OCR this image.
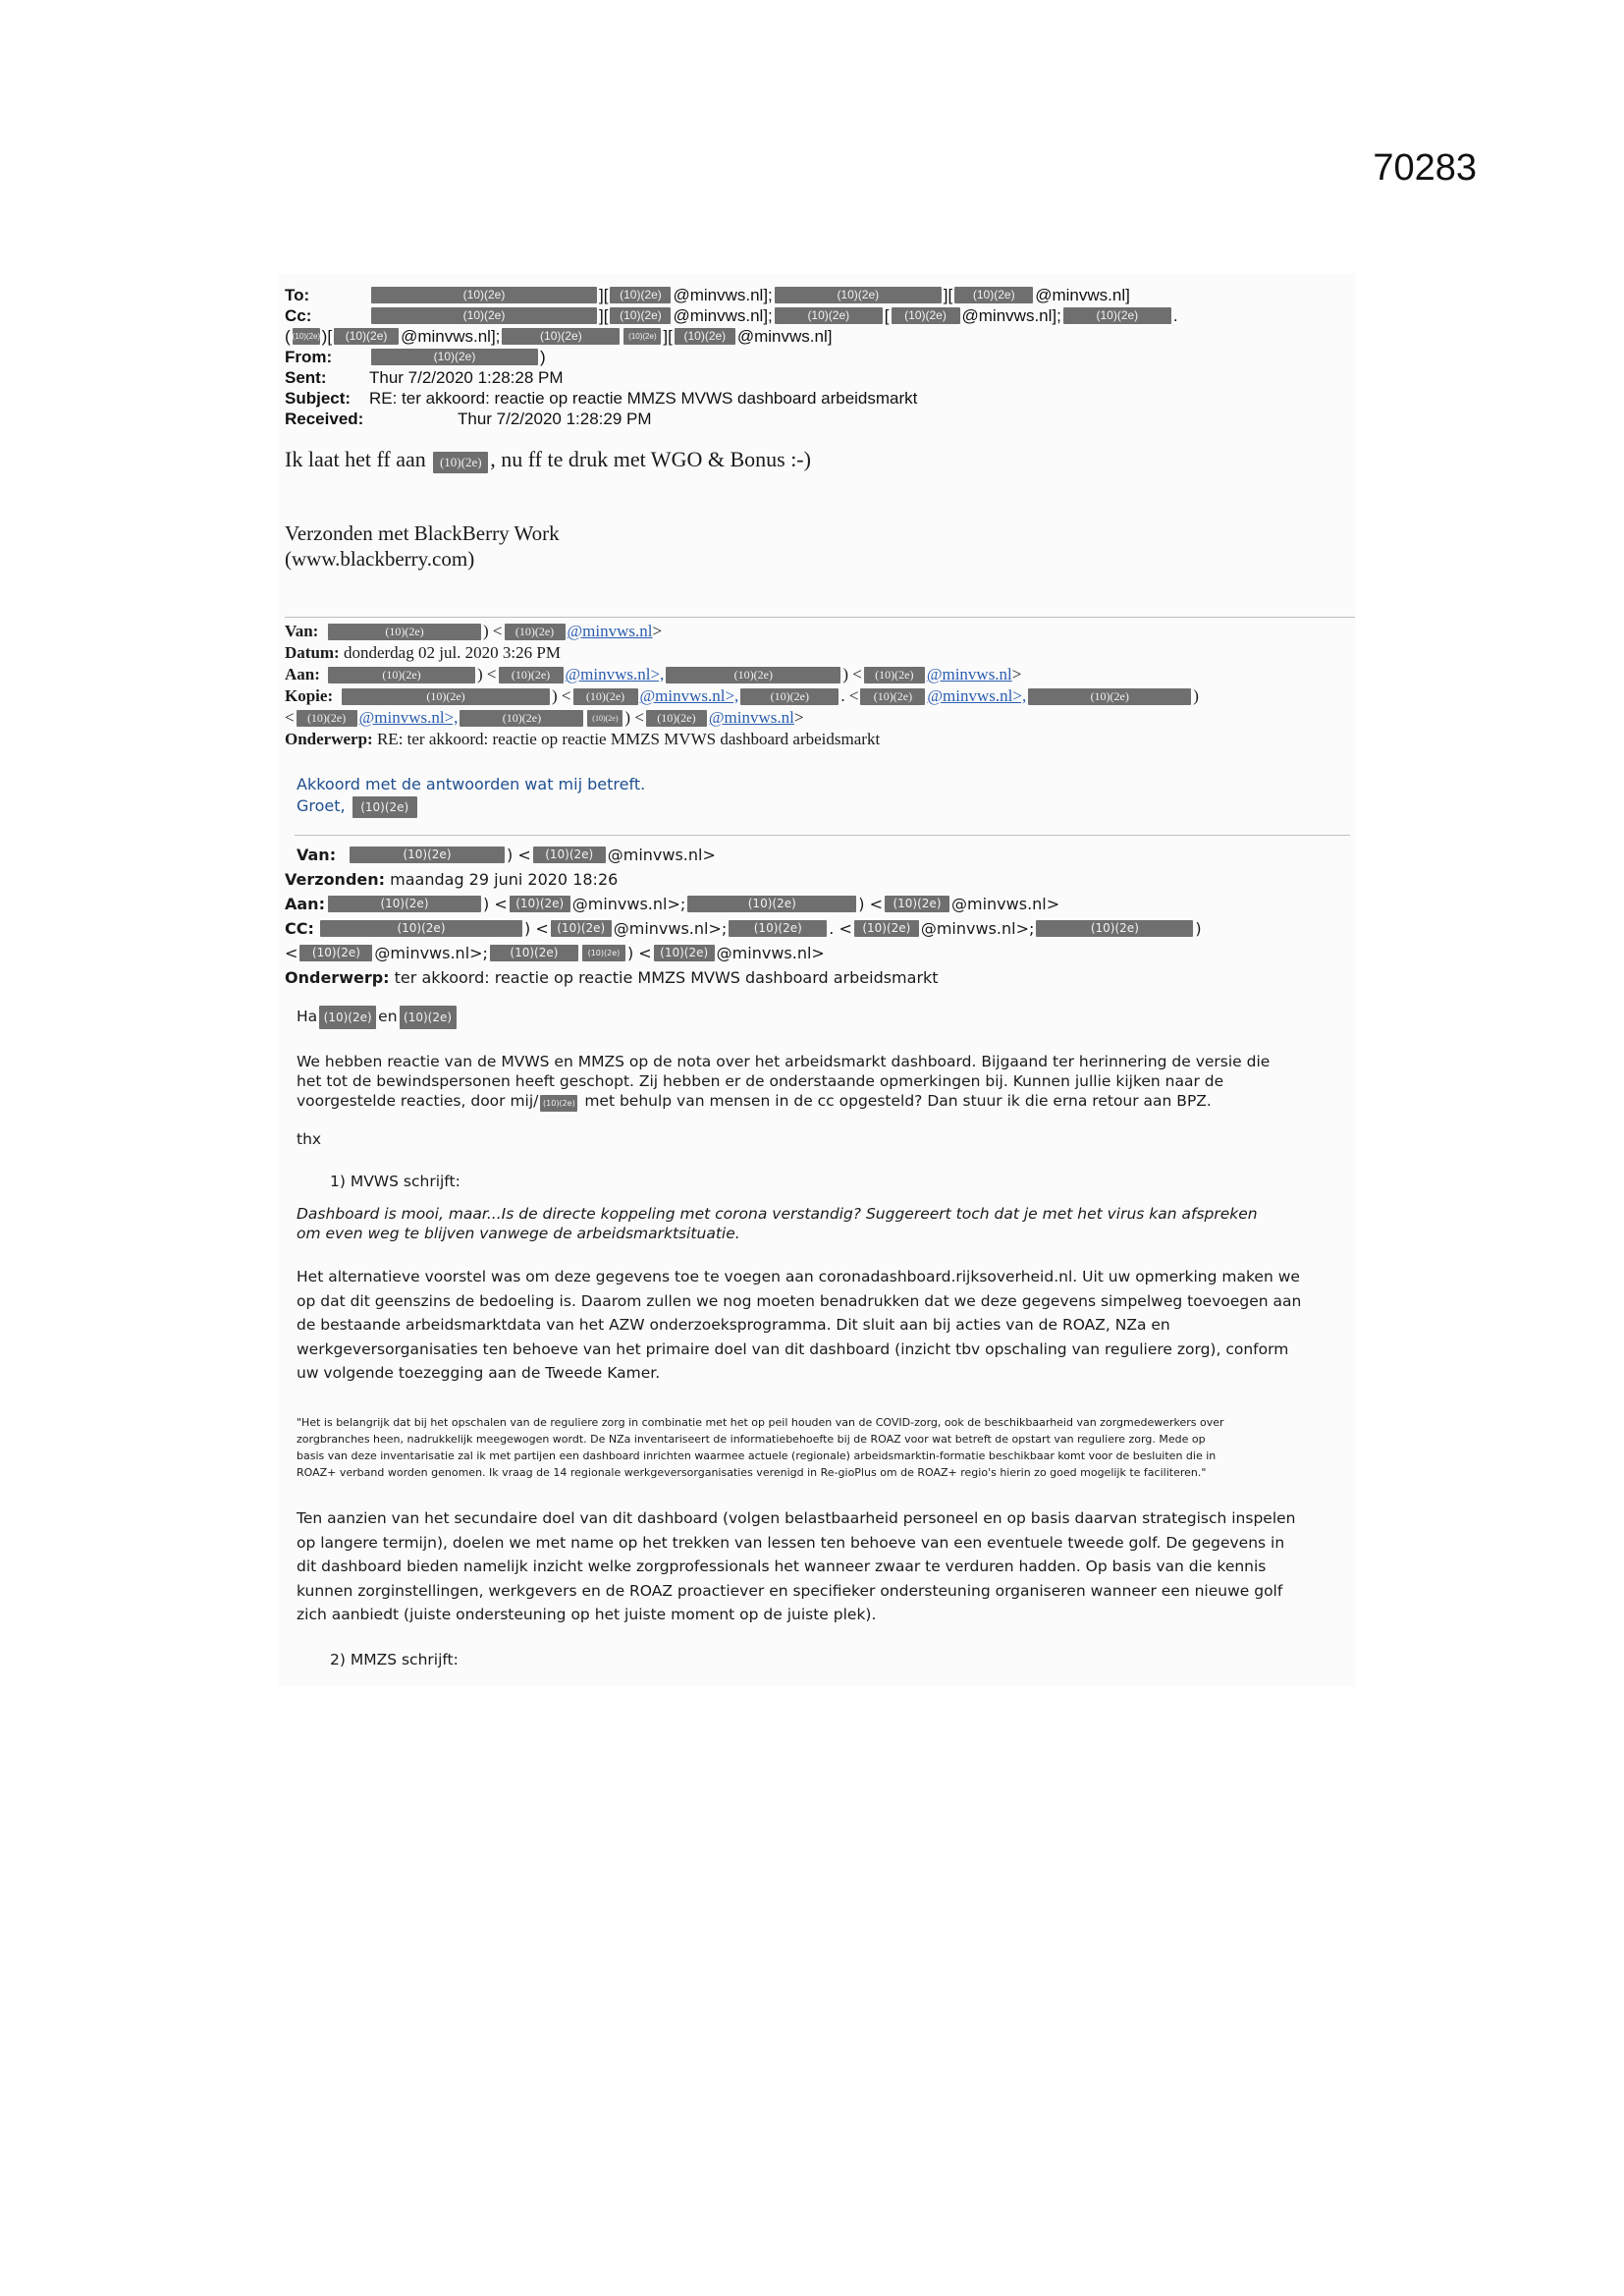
70283
To:	(10)(2e)	][ (10)(2e) @minvws.nl];	(10)(2e)	][	(10)(2e)	@minvws.nl]
Cc:	(10)(2e)	][ (10)(2e) @minvws.nl];	(10)(2e)	[	(10)(2e) @minvws.nl];	(10)(2e)	.
( (10)(2e) )[	(10)(2e) @minvws.nl];	(10)(2e)	(10)(2e) ][ (10)(2e) @minvws.nl]
From:	(10)(2e)	)
Sent:	Thur 7/2/2020 1:28:28 PM
Subject:	RE: ter akkoord: reactie op reactie MMZS MVWS dashboard arbeidsmarkt
Received:	Thur 7/2/2020 1:28:29 PM
Ik laat het ff aan (10)(2e) , nu ff te druk met WGO & Bonus :-)
Verzonden met BlackBerry Work
(www.blackberry.com)
Van:	(10)(2e)	) <	(10)(2e) @minvws.nl >
Datum:
donderdag 02 jul. 2020 3:26 PM
Aan:	(10)(2e)	) <	(10)(2e) @minvws.nl>,	(10)(2e)	) <	(10)(2e) @minvws.nl >
Kopie:	(10)(2e)	) <	(10)(2e) @minvws.nl>,	(10)(2e)	. <	(10)(2e) @minvws.nl>,	(10)(2e)	)
<	(10)(2e) @minvws.nl>,	(10)(2e)	(10)(2e) ) <	(10)(2e) @minvws.nl >
Onderwerp:
RE: ter akkoord: reactie op reactie MMZS MVWS dashboard arbeidsmarkt
Akkoord met de antwoorden wat mij betreft.
Groet, (10)(2e)
Van:	(10)(2e)	) <	(10)(2e) @minvws.nl>
Verzonden:
maandag 29 juni 2020 18:26
Aan:	(10)(2e)	) < (10)(2e) @minvws.nl>;	(10)(2e)	) < (10)(2e) @minvws.nl>
CC:	(10)(2e)	) < (10)(2e) @minvws.nl>;	(10)(2e)	. < (10)(2e) @minvws.nl>;	(10)(2e)	)
<	(10)(2e) @minvws.nl>;	(10)(2e)	(10)(2e) ) < (10)(2e) @minvws.nl>
Onderwerp:
ter akkoord: reactie op reactie MMZS MVWS dashboard arbeidsmarkt
Ha (10)(2e) en (10)(2e)
We hebben reactie van de MVWS en MMZS op de nota over het arbeidsmarkt dashboard. Bijgaand ter herinnering de versie die
het tot de bewindspersonen heeft geschopt. Zij hebben er de onderstaande opmerkingen bij. Kunnen jullie kijken naar de
voorgestelde reacties, door mij/ (10)(2e) met behulp van mensen in de cc opgesteld? Dan stuur ik die erna retour aan BPZ.
thx
1) MVWS schrijft:
Dashboard is mooi, maar...Is de directe koppeling met corona verstandig? Suggereert toch dat je met het virus kan afspreken
om even weg te blijven vanwege de arbeidsmarktsituatie.
Het alternatieve voorstel was om deze gegevens toe te voegen aan coronadashboard.rijksoverheid.nl. Uit uw opmerking maken we
op dat dit geenszins de bedoeling is. Daarom zullen we nog moeten benadrukken dat we deze gegevens simpelweg toevoegen aan
de bestaande arbeidsmarktdata van het AZW onderzoeksprogramma. Dit sluit aan bij acties van de ROAZ, NZa en
werkgeversorganisaties ten behoeve van het primaire doel van dit dashboard (inzicht tbv opschaling van reguliere zorg), conform
uw volgende toezegging aan de Tweede Kamer.
"Het is belangrijk dat bij het opschalen van de reguliere zorg in combinatie met het op peil houden van de COVID-zorg, ook de beschikbaarheid van zorgmedewerkers over
zorgbranches heen, nadrukkelijk meegewogen wordt. De NZa inventariseert de informatiebehoefte bij de ROAZ voor wat betreft de opstart van reguliere zorg. Mede op
basis van deze inventarisatie zal ik met partijen een dashboard inrichten waarmee actuele (regionale) arbeidsmarktin-formatie beschikbaar komt voor de besluiten die in
ROAZ+ verband worden genomen. Ik vraag de 14 regionale werkgeversorganisaties verenigd in Re-gioPlus om de ROAZ+ regio's hierin zo goed mogelijk te faciliteren."
Ten aanzien van het secundaire doel van dit dashboard (volgen belastbaarheid personeel en op basis daarvan strategisch inspelen
op langere termijn), doelen we met name op het trekken van lessen ten behoeve van een eventuele tweede golf. De gegevens in
dit dashboard bieden namelijk inzicht welke zorgprofessionals het wanneer zwaar te verduren hadden. Op basis van die kennis
kunnen zorginstellingen, werkgevers en de ROAZ proactiever en specifieker ondersteuning organiseren wanneer een nieuwe golf
zich aanbiedt (juiste ondersteuning op het juiste moment op de juiste plek).
2) MMZS schrijft:
